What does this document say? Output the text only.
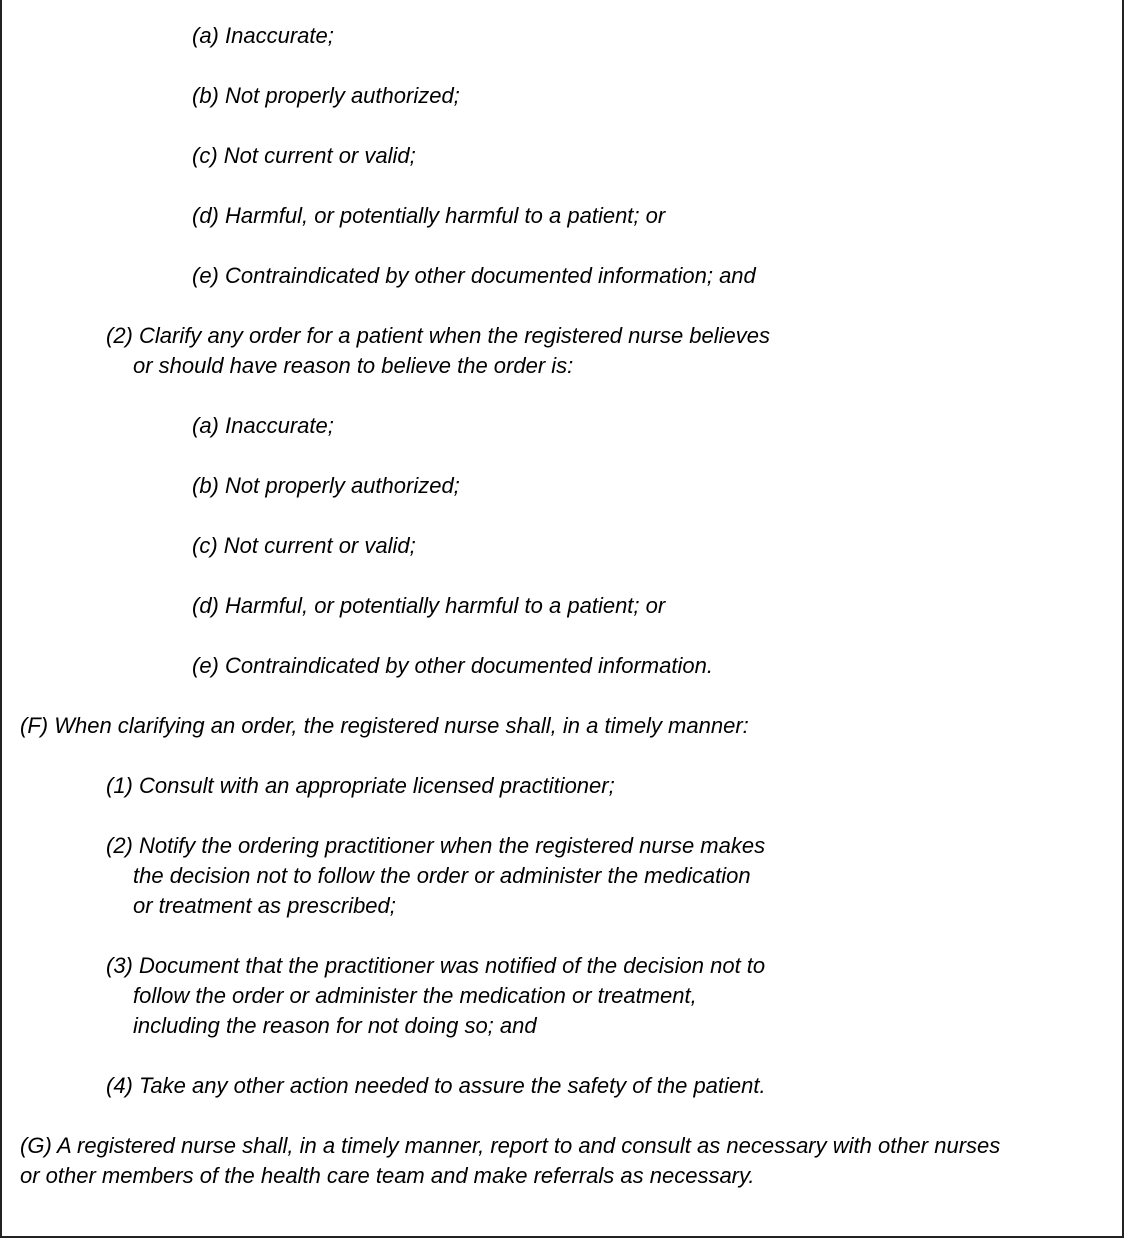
(a) Inaccurate;

(b) Not properly authorized;

(c) Not current or valid;

(d) Harmful, or potentially harmful to a patient; or

(e) Contraindicated by other documented information; and

(2) Clarify any order for a patient when the registered nurse believes

or should have reason to believe the order is:

(a) Inaccurate;

(b) Not properly authorized;

(c) Not current or valid;

(d) Harmful, or potentially harmful to a patient; or

(e) Contraindicated by other documented information.

(F) When clarifying an order, the registered nurse shall, in a timely manner:

(1) Consult with an appropriate licensed practitioner;

(2) Notify the ordering practitioner when the registered nurse makes

the decision not to follow the order or administer the medication

or treatment as prescribed;

(3) Document that the practitioner was notified of the decision not to

follow the order or administer the medication or treatment,

including the reason for not doing so; and

(4) Take any other action needed to assure the safety of the patient.

(G) A registered nurse shall, in a timely manner, report to and consult as necessary with other nurses

or other members of the health care team and make referrals as necessary.
